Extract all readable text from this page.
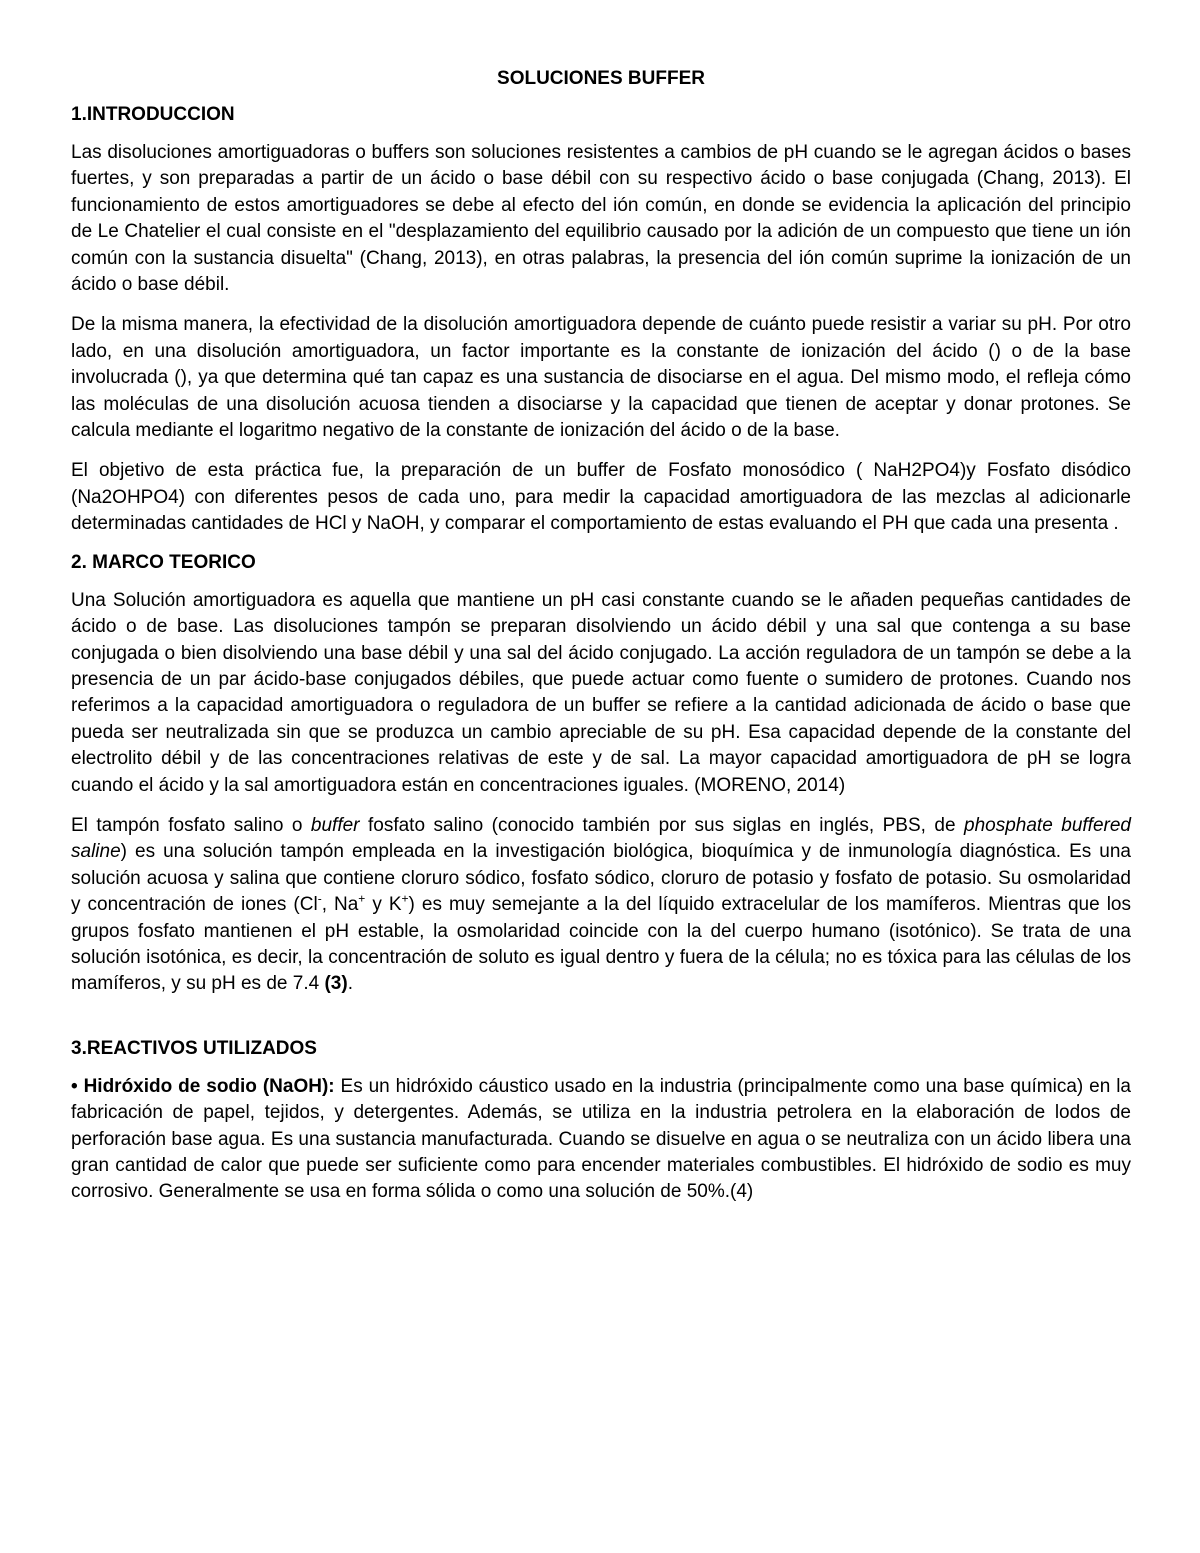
SOLUCIONES BUFFER
1.INTRODUCCION

Las disoluciones amortiguadoras o buffers son soluciones resistentes a cambios de pH cuando se le agregan ácidos o bases fuertes, y son preparadas a partir de un ácido o base débil con su respectivo ácido o base conjugada (Chang, 2013). El funcionamiento de estos amortiguadores se debe al efecto del ión común, en donde se evidencia la aplicación del principio de Le Chatelier el cual consiste en el "desplazamiento del equilibrio causado por la adición de un compuesto que tiene un ión común con la sustancia disuelta" (Chang, 2013), en otras palabras, la presencia del ión común suprime la ionización de un ácido o base débil.

De la misma manera, la efectividad de la disolución amortiguadora depende de cuánto puede resistir a variar su pH. Por otro lado, en una disolución amortiguadora, un factor importante es la constante de ionización del ácido () o de la base involucrada (), ya que determina qué tan capaz es una sustancia de disociarse en el agua. Del mismo modo, el refleja cómo las moléculas de una disolución acuosa tienden a disociarse y la capacidad que tienen de aceptar y donar protones. Se calcula mediante el logaritmo negativo de la constante de ionización del ácido o de la base.

El objetivo de esta práctica fue, la preparación de un buffer de Fosfato monosódico ( NaH2PO4)y Fosfato disódico (Na2OHPO4) con diferentes pesos de cada uno, para medir la capacidad amortiguadora de las mezclas al adicionarle determinadas cantidades de HCl y NaOH, y comparar el comportamiento de estas evaluando el PH que cada una presenta .

2. MARCO TEORICO

Una Solución amortiguadora es aquella que mantiene un pH casi constante cuando se le añaden pequeñas cantidades de ácido o de base. Las disoluciones tampón se preparan disolviendo un ácido débil y una sal que contenga a su base conjugada o bien disolviendo una base débil y una sal del ácido conjugado. La acción reguladora de un tampón se debe a la presencia de un par ácido-base conjugados débiles, que puede actuar como fuente o sumidero de protones. Cuando nos referimos a la capacidad amortiguadora o reguladora de un buffer se refiere a la cantidad adicionada de ácido o base que pueda ser neutralizada sin que se produzca un cambio apreciable de su pH. Esa capacidad depende de la constante del electrolito débil y de las concentraciones relativas de este y de sal. La mayor capacidad amortiguadora de pH se logra cuando el ácido y la sal amortiguadora están en concentraciones iguales. (MORENO, 2014)

El tampón fosfato salino o buffer fosfato salino (conocido también por sus siglas en inglés, PBS, de phosphate buffered saline) es una solución tampón empleada en la investigación biológica, bioquímica y de inmunología diagnóstica. Es una solución acuosa y salina que contiene cloruro sódico, fosfato sódico, cloruro de potasio y fosfato de potasio. Su osmolaridad y concentración de iones (Cl-, Na+ y K+) es muy semejante a la del líquido extracelular de los mamíferos. Mientras que los grupos fosfato mantienen el pH estable, la osmolaridad coincide con la del cuerpo humano (isotónico). Se trata de una solución isotónica, es decir, la concentración de soluto es igual dentro y fuera de la célula; no es tóxica para las células de los mamíferos, y su pH es de 7.4 (3).

3.REACTIVOS UTILIZADOS

• Hidróxido de sodio (NaOH): Es un hidróxido cáustico usado en la industria (principalmente como una base química) en la fabricación de papel, tejidos, y detergentes. Además, se utiliza en la industria petrolera en la elaboración de lodos de perforación base agua. Es una sustancia manufacturada. Cuando se disuelve en agua o se neutraliza con un ácido libera una gran cantidad de calor que puede ser suficiente como para encender materiales combustibles. El hidróxido de sodio es muy corrosivo. Generalmente se usa en forma sólida o como una solución de 50%.(4)
